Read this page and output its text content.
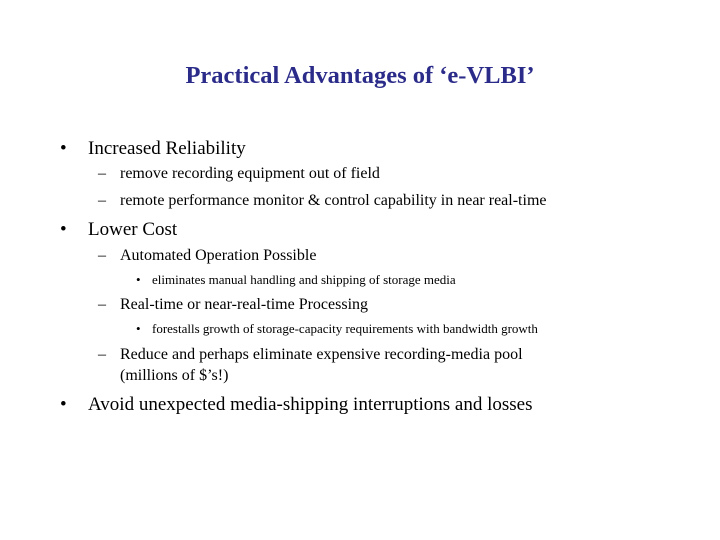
Practical Advantages of ‘e-VLBI’
• Increased Reliability
– remove recording equipment out of field
– remote performance monitor & control capability in near real-time
• Lower Cost
– Automated Operation Possible
• eliminates manual handling and shipping of storage media
– Real-time or near-real-time Processing
• forestalls growth of storage-capacity requirements with bandwidth growth
– Reduce and perhaps eliminate expensive recording-media pool
(millions of $’s!)
• Avoid unexpected media-shipping interruptions and losses
